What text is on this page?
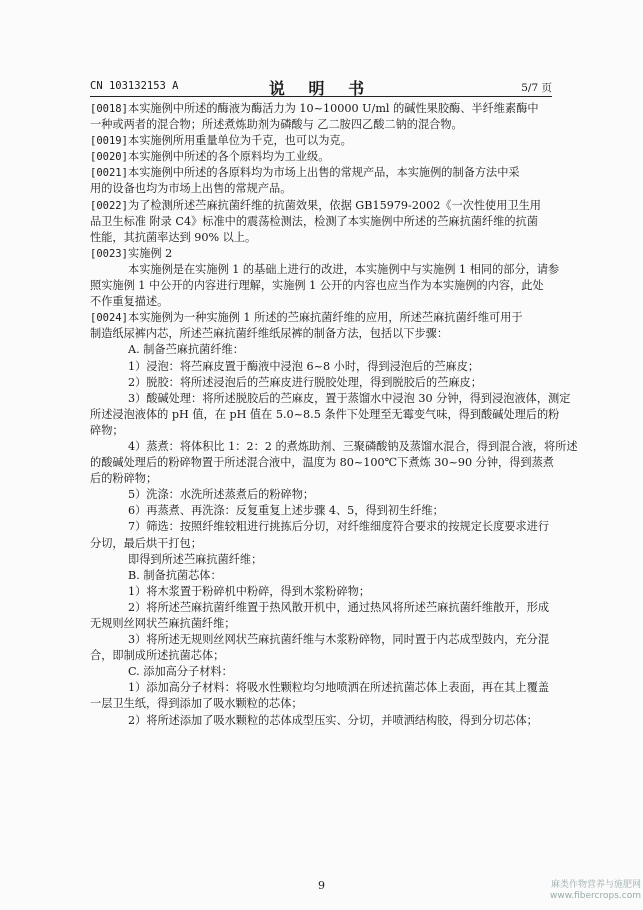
CN 103132153 A	说 明 书	5/7 页
[0018]本实施例中所述的酶液为酶活力为 10~10000 U/ml 的碱性果胶酶、半纤维素酶中
一种或两者的混合物；所述煮炼助剂为磷酸与 乙二胺四乙酸二钠的混合物。
[0019]本实施例所用重量单位为千克，也可以为克。
[0020]本实施例中所述的各个原料均为工业级。
[0021]本实施例中所述的各原料均为市场上出售的常规产品，本实施例的制备方法中采
用的设备也均为市场上出售的常规产品。
[0022]为了检测所述苎麻抗菌纤维的抗菌效果，依据 GB15979-2002《一次性使用卫生用
品卫生标准 附录 C4》标准中的震荡检测法，检测了本实施例中所述的苎麻抗菌纤维的抗菌
性能，其抗菌率达到 90% 以上。
[0023]实施例 2
本实施例是在实施例 1 的基础上进行的改进，本实施例中与实施例 1 相同的部分，请参
照实施例 1 中公开的内容进行理解，实施例 1 公开的内容也应当作为本实施例的内容，此处
不作重复描述。
[0024]本实施例为一种实施例 1 所述的苎麻抗菌纤维的应用，所述苎麻抗菌纤维可用于
制造纸尿裤内芯，所述苎麻抗菌纤维纸尿裤的制备方法，包括以下步骤：
A. 制备苎麻抗菌纤维：
1）浸泡：将苎麻皮置于酶液中浸泡 6~8 小时，得到浸泡后的苎麻皮；
2）脱胶：将所述浸泡后的苎麻皮进行脱胶处理，得到脱胶后的苎麻皮；
3）酸碱处理：将所述脱胶后的苎麻皮，置于蒸馏水中浸泡 30 分钟，得到浸泡液体，测定
所述浸泡液体的 pH 值，在 pH 值在 5.0~8.5 条件下处理至无霉变气味，得到酸碱处理后的粉
碎物；
4）蒸煮：将体积比 1：2：2 的煮炼助剂、三聚磷酸钠及蒸馏水混合，得到混合液，将所述
的酸碱处理后的粉碎物置于所述混合液中，温度为 80~100℃下煮炼 30~90 分钟，得到蒸煮
后的粉碎物；
5）洗涤：水洗所述蒸煮后的粉碎物；
6）再蒸煮、再洗涤：反复重复上述步骤 4、5，得到初生纤维；
7）筛选：按照纤维较粗进行挑拣后分切，对纤维细度符合要求的按规定长度要求进行
分切，最后烘干打包；
即得到所述苎麻抗菌纤维；
B. 制备抗菌芯体：
1）将木浆置于粉碎机中粉碎，得到木浆粉碎物；
2）将所述苎麻抗菌纤维置于热风散开机中，通过热风将所述苎麻抗菌纤维散开，形成
无规则丝网状苎麻抗菌纤维；
3）将所述无规则丝网状苎麻抗菌纤维与木浆粉碎物，同时置于内芯成型鼓内，充分混
合，即制成所述抗菌芯体；
C. 添加高分子材料：
1）添加高分子材料：将吸水性颗粒均匀地喷洒在所述抗菌芯体上表面，再在其上覆盖
一层卫生纸，得到添加了吸水颗粒的芯体；
2）将所述添加了吸水颗粒的芯体成型压实、分切，并喷洒结构胶，得到分切芯体；
9	麻类作物营养与施肥网
www.fibercrops.com
